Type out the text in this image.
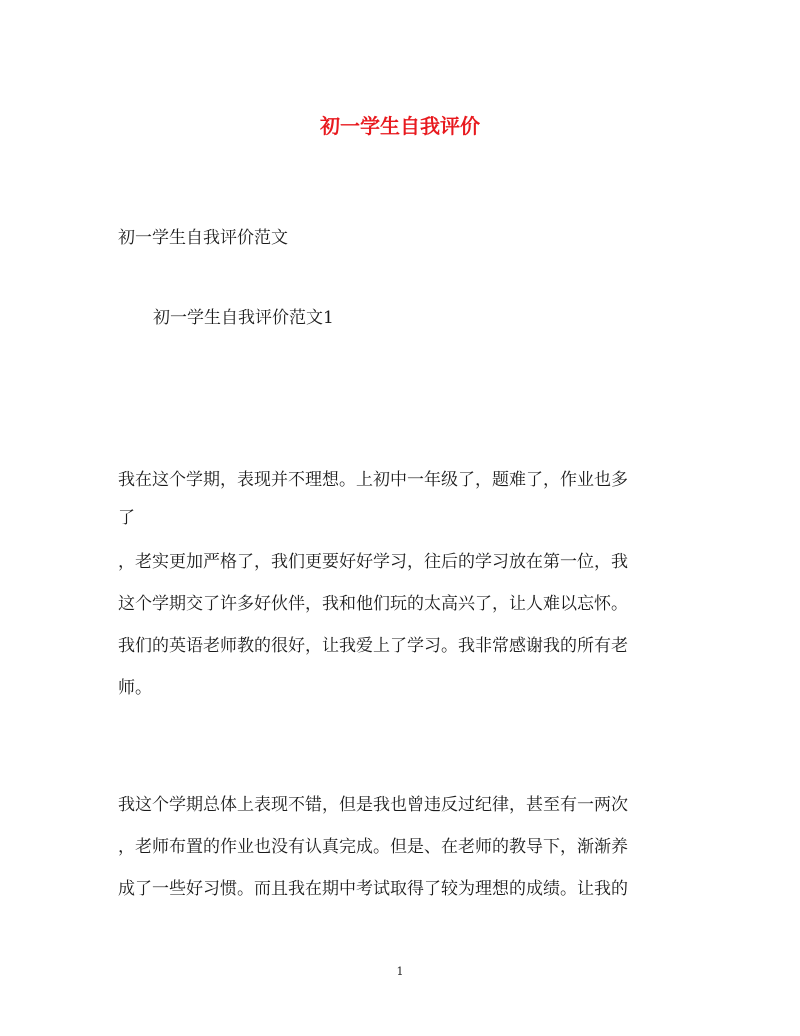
初一学生自我评价
初一学生自我评价范文
初一学生自我评价范文1
我在这个学期，表现并不理想。上初中一年级了，题难了，作业也多
了
，老实更加严格了，我们更要好好学习，往后的学习放在第一位，我
这个学期交了许多好伙伴，我和他们玩的太高兴了，让人难以忘怀。
我们的英语老师教的很好，让我爱上了学习。我非常感谢我的所有老
师。
我这个学期总体上表现不错，但是我也曾违反过纪律，甚至有一两次
，老师布置的作业也没有认真完成。但是、在老师的教导下，渐渐养
成了一些好习惯。而且我在期中考试取得了较为理想的成绩。让我的
1
